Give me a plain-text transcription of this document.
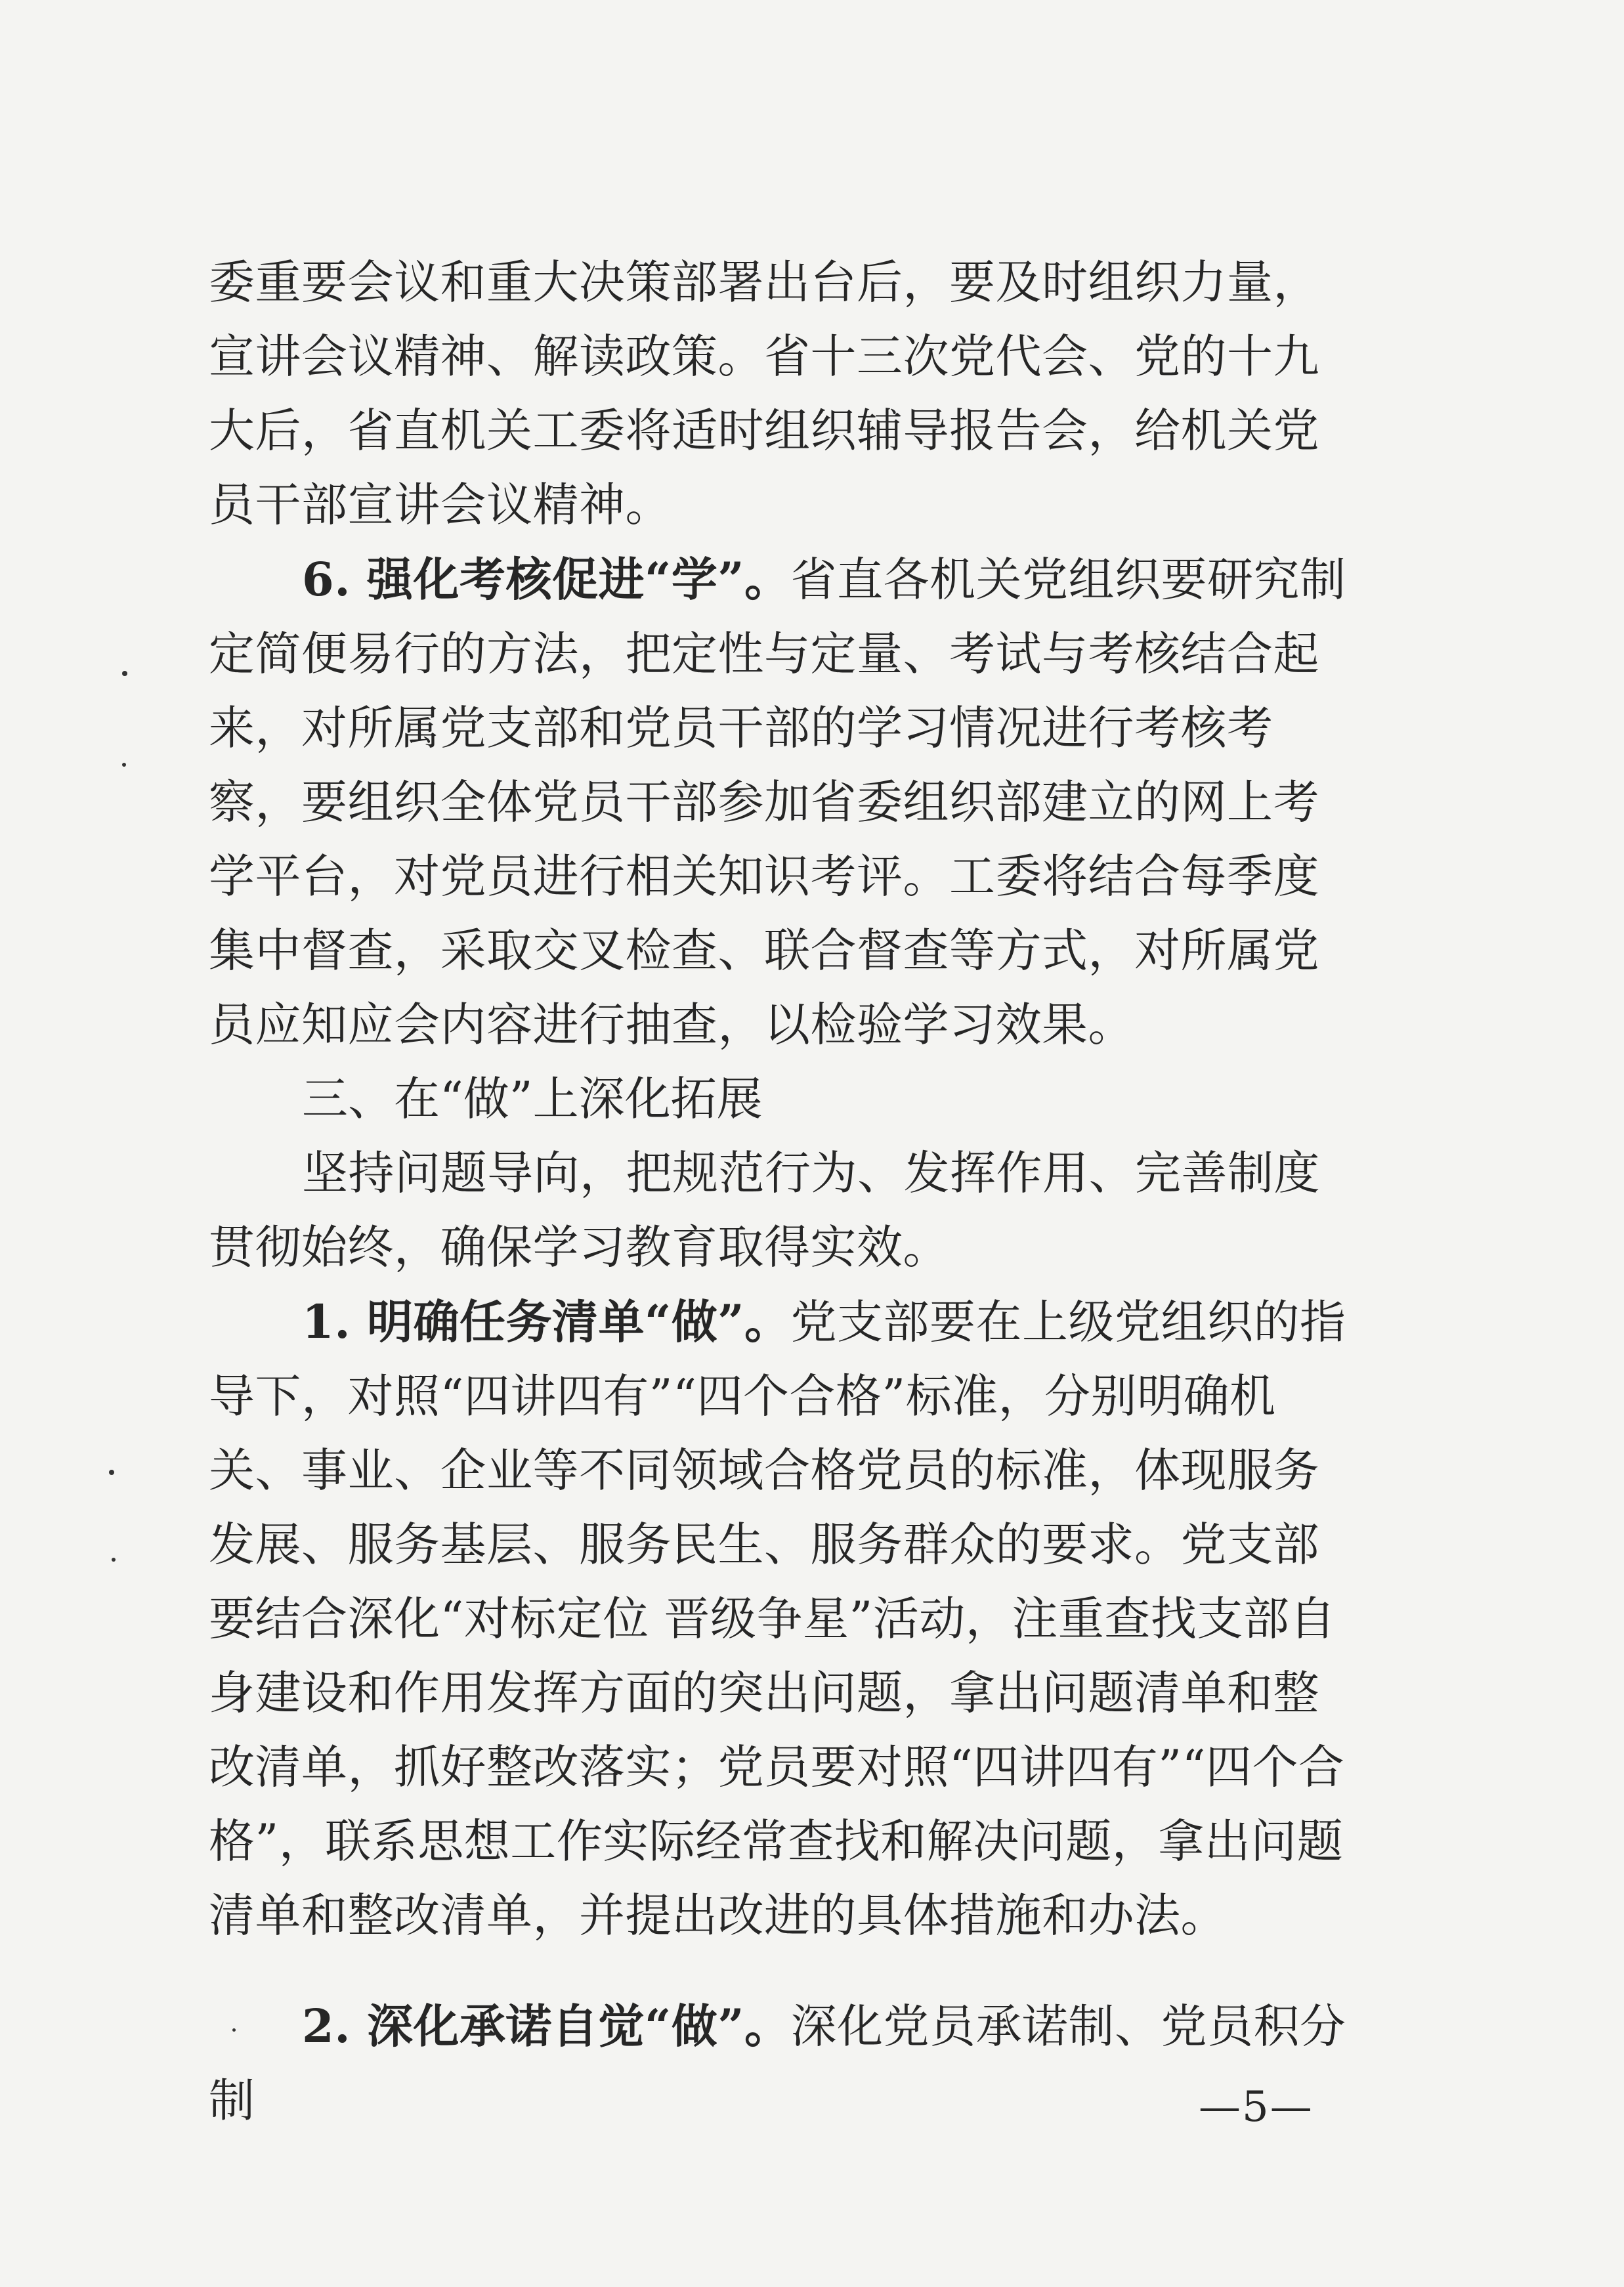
委重要会议和重大决策部署出台后，要及时组织力量，宣讲会议精神、解读政策。省十三次党代会、党的十九大后，省直机关工委将适时组织辅导报告会，给机关党员干部宣讲会议精神。

6. 强化考核促进“学”。省直各机关党组织要研究制定简便易行的方法，把定性与定量、考试与考核结合起来，对所属党支部和党员干部的学习情况进行考核考察，要组织全体党员干部参加省委组织部建立的网上考学平台，对党员进行相关知识考评。工委将结合每季度集中督查，采取交叉检查、联合督查等方式，对所属党员应知应会内容进行抽查，以检验学习效果。

三、在“做”上深化拓展

坚持问题导向，把规范行为、发挥作用、完善制度贯彻始终，确保学习教育取得实效。

1. 明确任务清单“做”。党支部要在上级党组织的指导下，对照“四讲四有”“四个合格”标准，分别明确机关、事业、企业等不同领域合格党员的标准，体现服务发展、服务基层、服务民生、服务群众的要求。党支部要结合深化“对标定位 晋级争星”活动，注重查找支部自身建设和作用发挥方面的突出问题，拿出问题清单和整改清单，抓好整改落实；党员要对照“四讲四有”“四个合格”，联系思想工作实际经常查找和解决问题，拿出问题清单和整改清单，并提出改进的具体措施和办法。

2. 深化承诺自觉“做”。深化党员承诺制、党员积分制	—5—
